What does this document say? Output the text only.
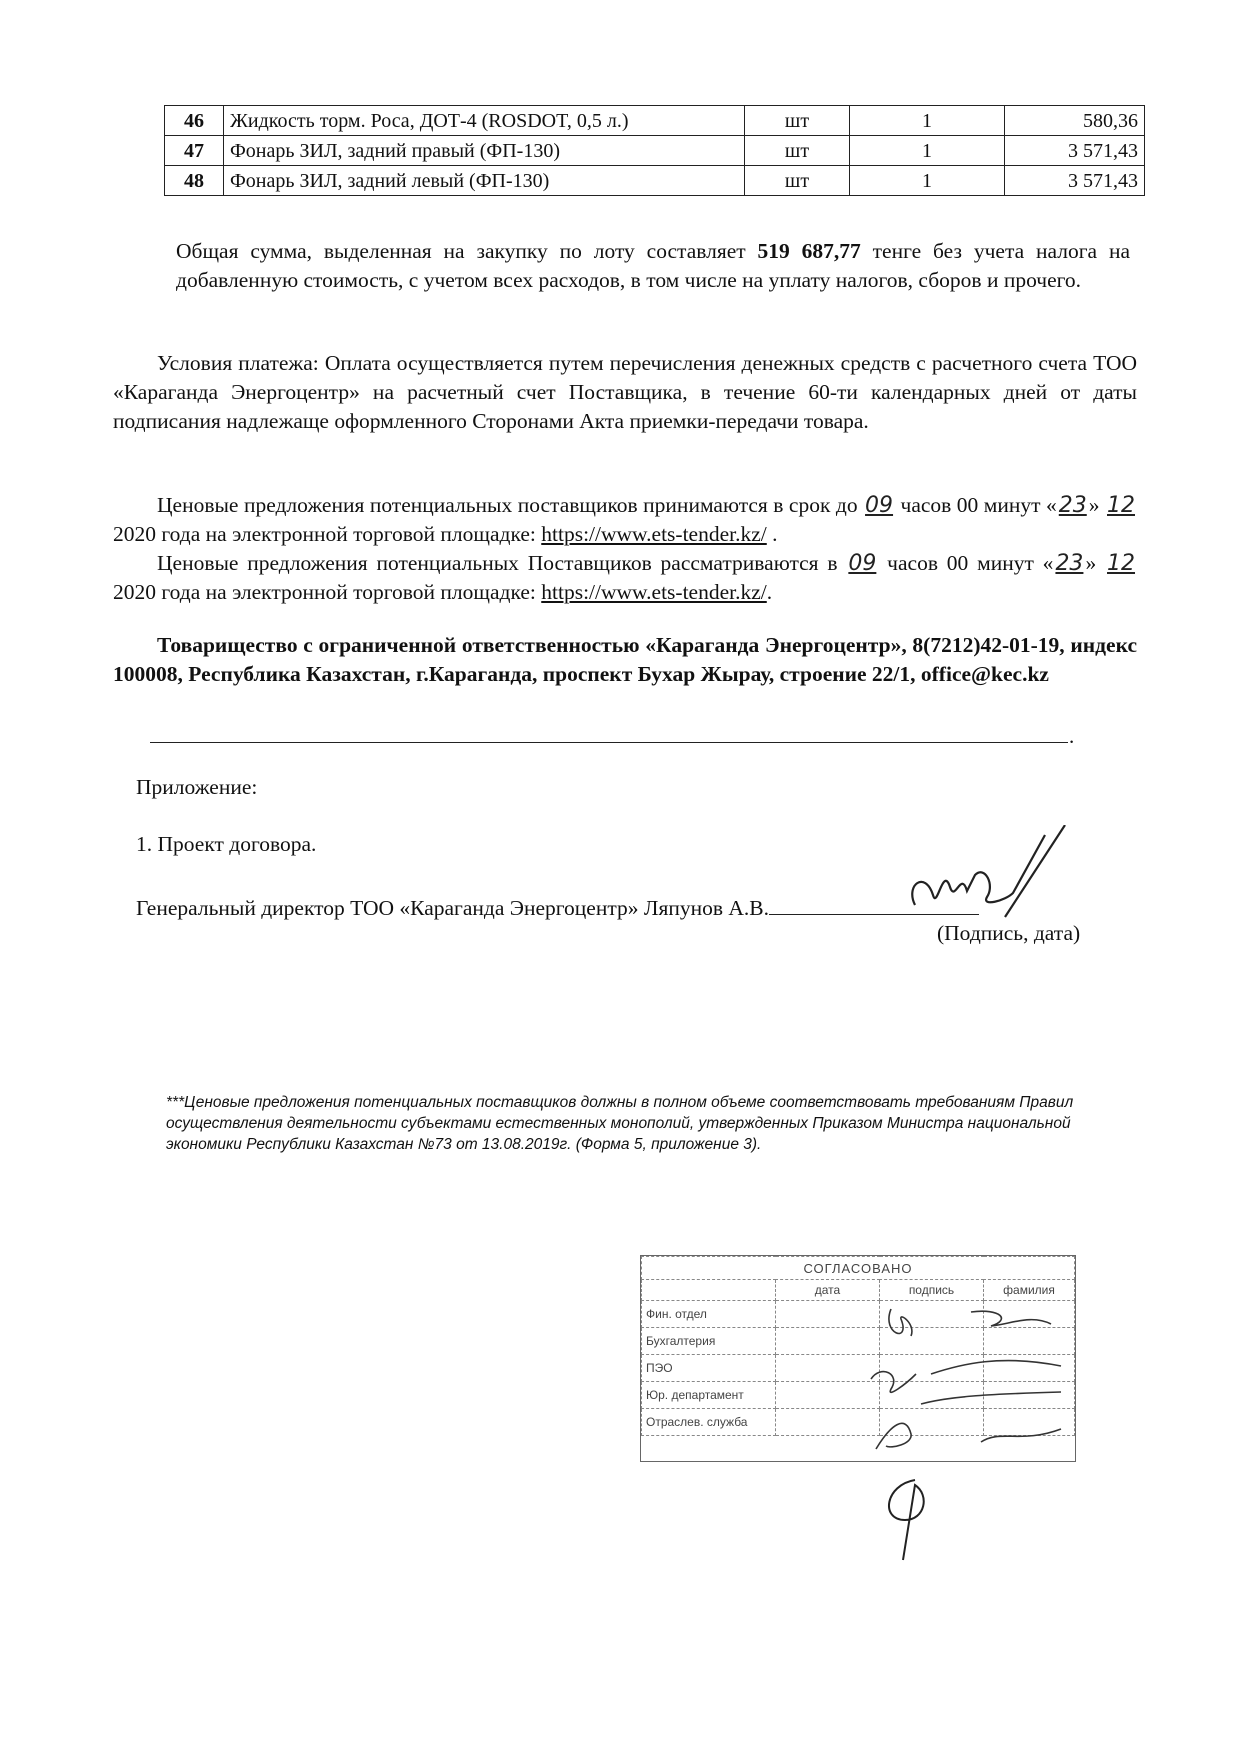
46	Жидкость торм. Роса, ДОТ-4 (ROSDOT, 0,5 л.)	шт	1	580,36
47	Фонарь ЗИЛ, задний правый (ФП-130)	шт	1	3 571,43
48	Фонарь ЗИЛ, задний левый (ФП-130)	шт	1	3 571,43

Общая сумма, выделенная на закупку по лоту составляет 519 687,77 тенге без учета налога на добавленную стоимость, с учетом всех расходов, в том числе на уплату налогов, сборов и прочего.

Условия платежа: Оплата осуществляется путем перечисления денежных средств с расчетного счета ТОО «Караганда Энергоцентр» на расчетный счет Поставщика, в течение 60-ти календарных дней от даты подписания надлежаще оформленного Сторонами Акта приемки-передачи товара.

Ценовые предложения потенциальных поставщиков принимаются в срок до 09 часов 00 минут «23» 12 2020 года на электронной торговой площадке: https://www.ets-tender.kz/ .

Ценовые предложения потенциальных Поставщиков рассматриваются в 09 часов 00 минут «23» 12 2020 года на электронной торговой площадке: https://www.ets-tender.kz/.

Товарищество с ограниченной ответственностью «Караганда Энергоцентр», 8(7212)42-01-19, индекс 100008, Республика Казахстан, г.Караганда, проспект Бухар Жырау, строение 22/1, office@kec.kz
.
Приложение:
1. Проект договора.
Генеральный директор ТОО «Караганда Энергоцентр» Ляпунов А.В.
(Подпись, дата)
***Ценовые предложения потенциальных поставщиков должны в полном объеме соответствовать требованиям Правил осуществления деятельности субъектами естественных монополий, утвержденных Приказом Министра национальной экономики Республики Казахстан №73 от 13.08.2019г. (Форма 5, приложение 3).
СОГЛАСОВАНО			
	дата	подпись	фамилия
Фин. отдел			
Бухгалтерия			
ПЭО			
Юр. департамент			
Отраслев. служба			
